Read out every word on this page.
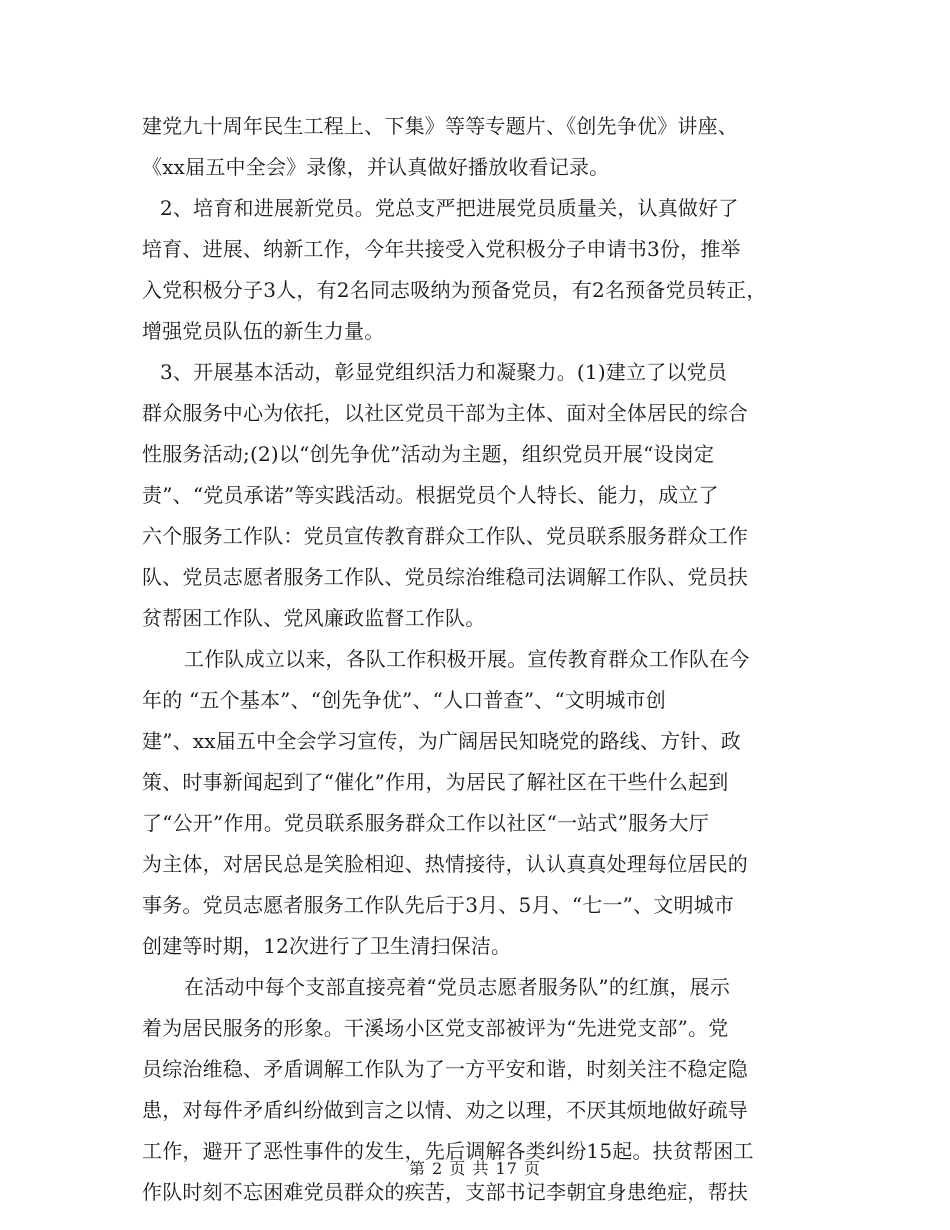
建党九十周年民生工程上、下集》等等专题片、《创先争优》讲座、
《xx届五中全会》录像，并认真做好播放收看记录。
2、培育和进展新党员。党总支严把进展党员质量关，认真做好了
培育、进展、纳新工作，今年共接受入党积极分子申请书3份，推举
入党积极分子3人，有2名同志吸纳为预备党员，有2名预备党员转正，
增强党员队伍的新生力量。
3、开展基本活动，彰显党组织活力和凝聚力。(1)建立了以党员
群众服务中心为依托，以社区党员干部为主体、面对全体居民的综合
性服务活动;(2)以“创先争优”活动为主题，组织党员开展“设岗定
责”、“党员承诺”等实践活动。根据党员个人特长、能力，成立了
六个服务工作队：党员宣传教育群众工作队、党员联系服务群众工作
队、党员志愿者服务工作队、党员综治维稳司法调解工作队、党员扶
贫帮困工作队、党风廉政监督工作队。
工作队成立以来，各队工作积极开展。宣传教育群众工作队在今
年的 “五个基本”、“创先争优”、“人口普查”、“文明城市创
建”、xx届五中全会学习宣传，为广阔居民知晓党的路线、方针、政
策、时事新闻起到了“催化”作用，为居民了解社区在干些什么起到
了“公开”作用。党员联系服务群众工作以社区“一站式”服务大厅
为主体，对居民总是笑脸相迎、热情接待，认认真真处理每位居民的
事务。党员志愿者服务工作队先后于3月、5月、“七一”、文明城市
创建等时期，12次进行了卫生清扫保洁。
在活动中每个支部直接亮着“党员志愿者服务队”的红旗，展示
着为居民服务的形象。干溪场小区党支部被评为“先进党支部”。党
员综治维稳、矛盾调解工作队为了一方平安和谐，时刻关注不稳定隐
患，对每件矛盾纠纷做到言之以情、劝之以理，不厌其烦地做好疏导
工作，避开了恶性事件的发生，先后调解各类纠纷15起。扶贫帮困工
作队时刻不忘困难党员群众的疾苦，支部书记李朝宜身患绝症，帮扶
第 2 页 共 17 页
